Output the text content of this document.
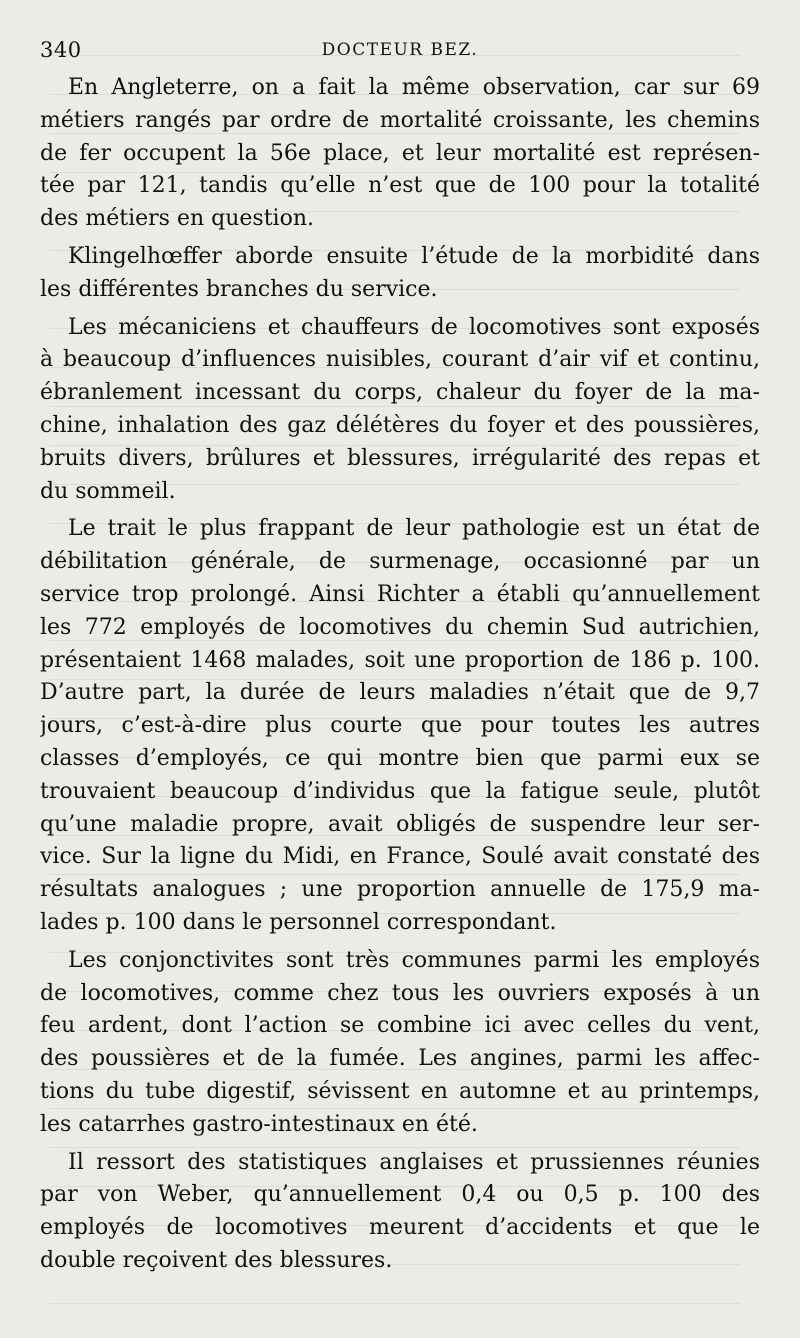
340	DOCTEUR BEZ.

En Angleterre, on a fait la même observation, car sur 69
métiers rangés par ordre de mortalité croissante, les chemins
de fer occupent la 56e place, et leur mortalité est représen-
tée par 121, tandis qu’elle n’est que de 100 pour la totalité
des métiers en question.

Klingelhœffer aborde ensuite l’étude de la morbidité dans
les différentes branches du service.

Les mécaniciens et chauffeurs de locomotives sont exposés
à beaucoup d’influences nuisibles, courant d’air vif et continu,
ébranlement incessant du corps, chaleur du foyer de la ma-
chine, inhalation des gaz délétères du foyer et des poussières,
bruits divers, brûlures et blessures, irrégularité des repas et
du sommeil.

Le trait le plus frappant de leur pathologie est un état de
débilitation générale, de surmenage, occasionné par un
service trop prolongé. Ainsi Richter a établi qu’annuellement
les 772 employés de locomotives du chemin Sud autrichien,
présentaient 1468 malades, soit une proportion de 186 p. 100.
D’autre part, la durée de leurs maladies n’était que de 9,7
jours, c’est-à-dire plus courte que pour toutes les autres
classes d’employés, ce qui montre bien que parmi eux se
trouvaient beaucoup d’individus que la fatigue seule, plutôt
qu’une maladie propre, avait obligés de suspendre leur ser-
vice. Sur la ligne du Midi, en France, Soulé avait constaté des
résultats analogues ; une proportion annuelle de 175,9 ma-
lades p. 100 dans le personnel correspondant.

Les conjonctivites sont très communes parmi les employés
de locomotives, comme chez tous les ouvriers exposés à un
feu ardent, dont l’action se combine ici avec celles du vent,
des poussières et de la fumée. Les angines, parmi les affec-
tions du tube digestif, sévissent en automne et au printemps,
les catarrhes gastro-intestinaux en été.

Il ressort des statistiques anglaises et prussiennes réunies
par von Weber, qu’annuellement 0,4 ou 0,5 p. 100 des
employés de locomotives meurent d’accidents et que le
double reçoivent des blessures.
